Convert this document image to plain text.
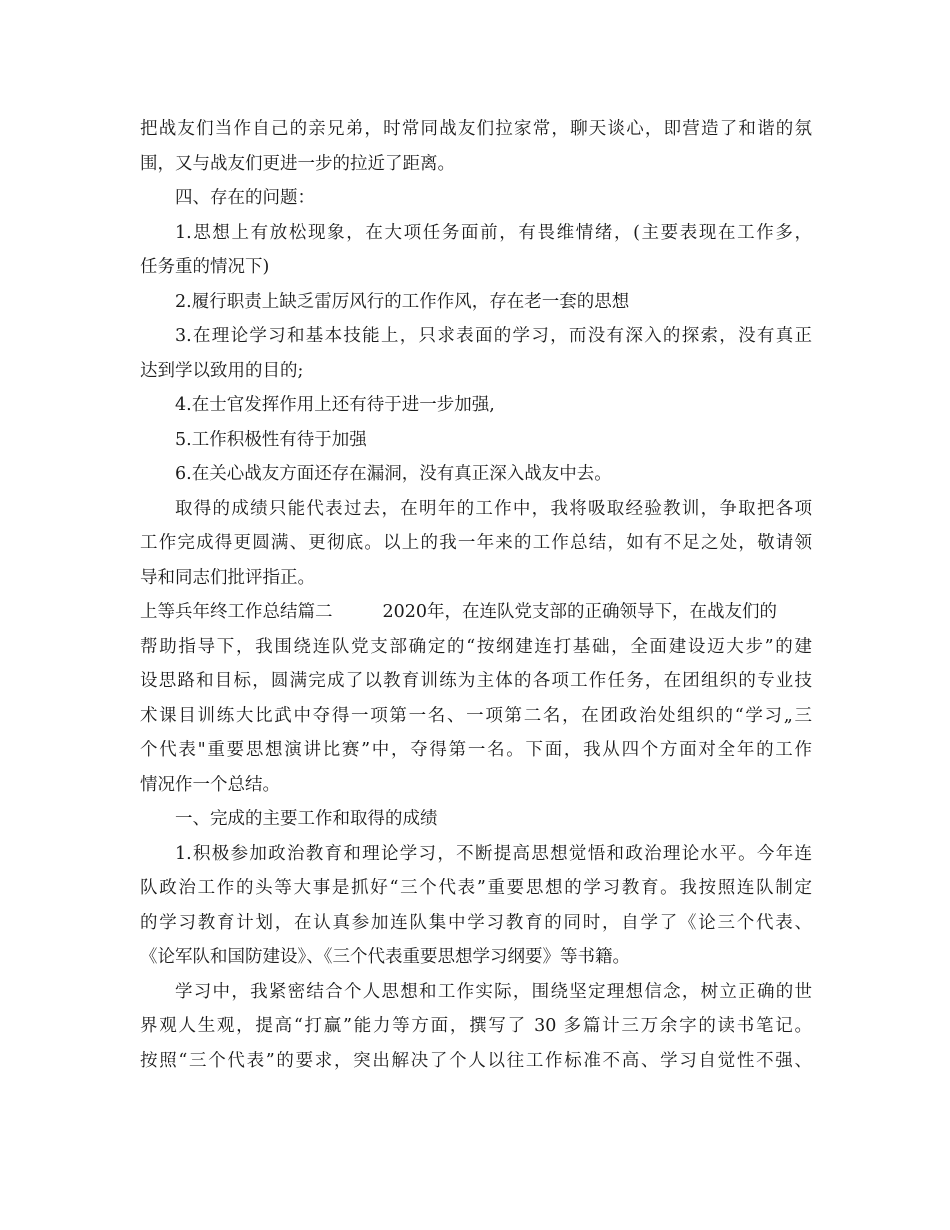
把战友们当作自己的亲兄弟，时常同战友们拉家常，聊天谈心，即营造了和谐的氛
围，又与战友们更进一步的拉近了距离。
四、存在的问题：
1.思想上有放松现象，在大项任务面前，有畏维情绪，(主要表现在工作多，
任务重的情况下)
2.履行职责上缺乏雷厉风行的工作作风，存在老一套的思想
3.在理论学习和基本技能上，只求表面的学习，而没有深入的探索，没有真正
达到学以致用的目的;
4.在士官发挥作用上还有待于进一步加强,
5.工作积极性有待于加强
6.在关心战友方面还存在漏洞，没有真正深入战友中去。
取得的成绩只能代表过去，在明年的工作中，我将吸取经验教训，争取把各项
工作完成得更圆满、更彻底。以上的我一年来的工作总结，如有不足之处，敬请领
导和同志们批评指正。
上等兵年终工作总结篇二	2020年，在连队党支部的正确领导下，在战友们的
帮助指导下，我围绕连队党支部确定的“按纲建连打基础，全面建设迈大步”的建
设思路和目标，圆满完成了以教育训练为主体的各项工作任务，在团组织的专业技
术课目训练大比武中夺得一项第一名、一项第二名，在团政治处组织的“学习„三
个代表"重要思想演讲比赛”中，夺得第一名。下面，我从四个方面对全年的工作
情况作一个总结。
一、完成的主要工作和取得的成绩
1.积极参加政治教育和理论学习，不断提高思想觉悟和政治理论水平。今年连
队政治工作的头等大事是抓好“三个代表”重要思想的学习教育。我按照连队制定
的学习教育计划，在认真参加连队集中学习教育的同时，自学了《论三个代表、
《论军队和国防建设》、《三个代表重要思想学习纲要》等书籍。
学习中，我紧密结合个人思想和工作实际，围绕坚定理想信念，树立正确的世
界观人生观，提高“打赢”能力等方面，撰写了 30 多篇计三万余字的读书笔记。
按照“三个代表”的要求，突出解决了个人以往工作标准不高、学习自觉性不强、
